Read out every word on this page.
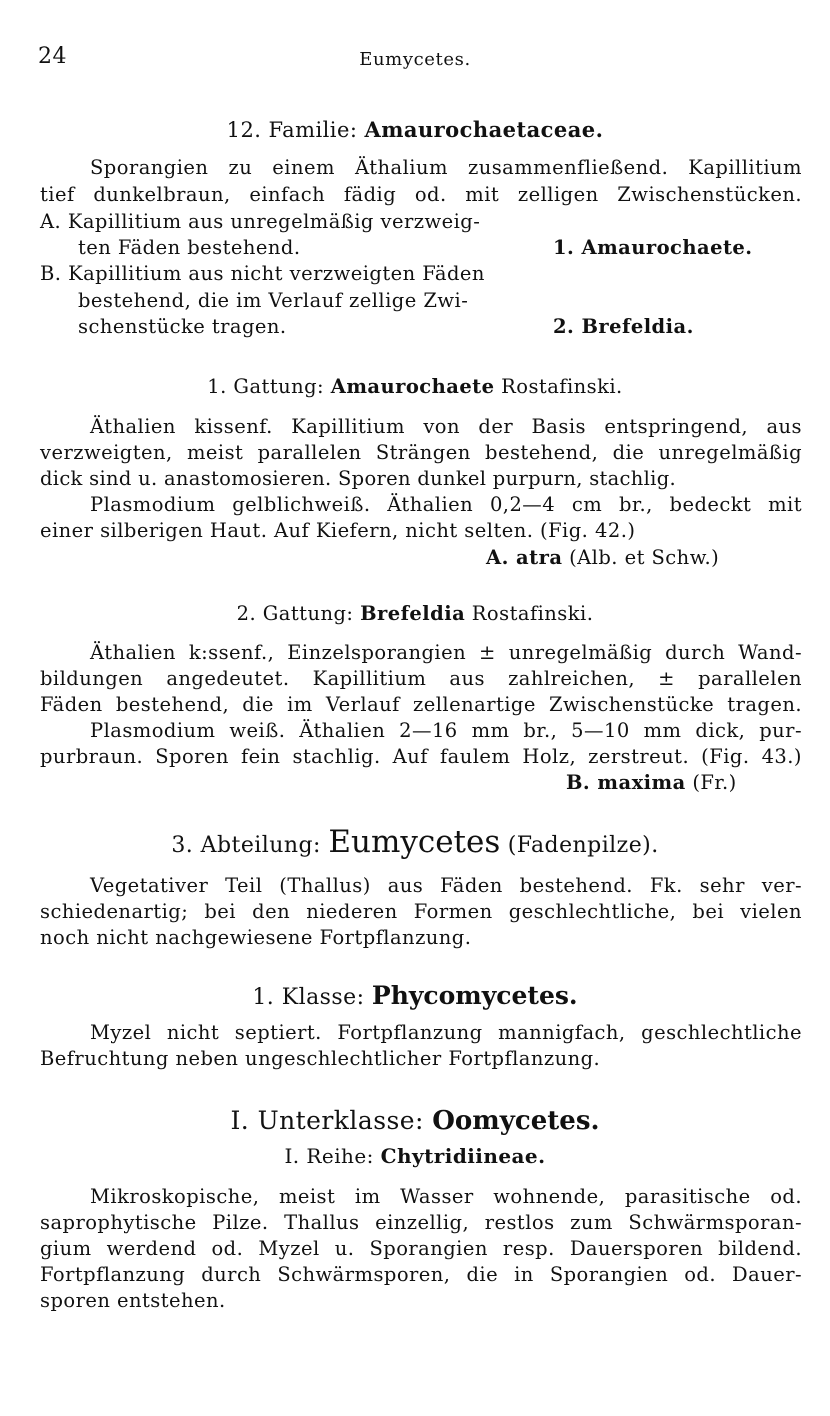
24	Eumycetes.
12. Familie: Amaurochaetaceae.
Sporangien zu einem Äthalium zusammenfließend. Kapillitium
tief dunkelbraun, einfach fädig od. mit zelligen Zwischenstücken.
A. Kapillitium aus unregelmäßig verzweig-
ten Fäden bestehend.	1. Amaurochaete.
B. Kapillitium aus nicht verzweigten Fäden
bestehend, die im Verlauf zellige Zwi-
schenstücke tragen.	2. Brefeldia.
1. Gattung: Amaurochaete Rostafinski.
Äthalien kissenf. Kapillitium von der Basis entspringend, aus
verzweigten, meist parallelen Strängen bestehend, die unregelmäßig
dick sind u. anastomosieren. Sporen dunkel purpurn, stachlig.
Plasmodium gelblichweiß. Äthalien 0,2—4 cm br., bedeckt mit
einer silberigen Haut. Auf Kiefern, nicht selten. (Fig. 42.)
A. atra (Alb. et Schw.)
2. Gattung: Brefeldia Rostafinski.
Äthalien k:ssenf., Einzelsporangien ± unregelmäßig durch Wand-
bildungen angedeutet. Kapillitium aus zahlreichen, ± parallelen
Fäden bestehend, die im Verlauf zellenartige Zwischenstücke tragen.
Plasmodium weiß. Äthalien 2—16 mm br., 5—10 mm dick, pur-
purbraun. Sporen fein stachlig. Auf faulem Holz, zerstreut. (Fig. 43.)
B. maxima (Fr.)
3. Abteilung: Eumycetes (Fadenpilze).
Vegetativer Teil (Thallus) aus Fäden bestehend. Fk. sehr ver-
schiedenartig; bei den niederen Formen geschlechtliche, bei vielen
noch nicht nachgewiesene Fortpflanzung.
1. Klasse: Phycomycetes.
Myzel nicht septiert. Fortpflanzung mannigfach, geschlechtliche
Befruchtung neben ungeschlechtlicher Fortpflanzung.
I. Unterklasse: Oomycetes.
I. Reihe: Chytridiineae.
Mikroskopische, meist im Wasser wohnende, parasitische od.
saprophytische Pilze. Thallus einzellig, restlos zum Schwärmsporan-
gium werdend od. Myzel u. Sporangien resp. Dauersporen bildend.
Fortpflanzung durch Schwärmsporen, die in Sporangien od. Dauer-
sporen entstehen.
